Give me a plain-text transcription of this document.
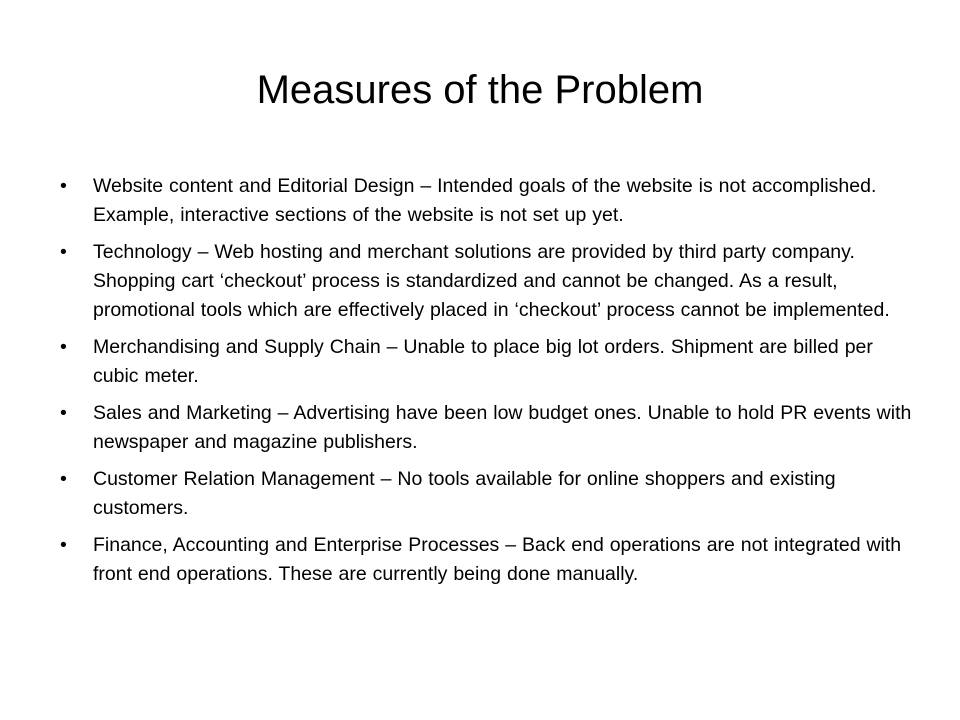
Measures of the Problem
•	Website content and Editorial Design – Intended goals of the website is not accomplished. Example, interactive sections of the website is not set up yet.
•	Technology – Web hosting and merchant solutions are provided by third party company. Shopping cart ‘checkout’ process is standardized and cannot be changed. As a result, promotional tools which are effectively placed in ‘checkout’ process cannot be implemented.
•	Merchandising and Supply Chain – Unable to place big lot orders. Shipment are billed per cubic meter.
•	Sales and Marketing – Advertising have been low budget ones. Unable to hold PR events with newspaper and magazine publishers.
•	Customer Relation Management – No tools available for online shoppers and existing customers.
•	Finance, Accounting and Enterprise Processes – Back end operations are not integrated with front end operations. These are currently being done manually.
